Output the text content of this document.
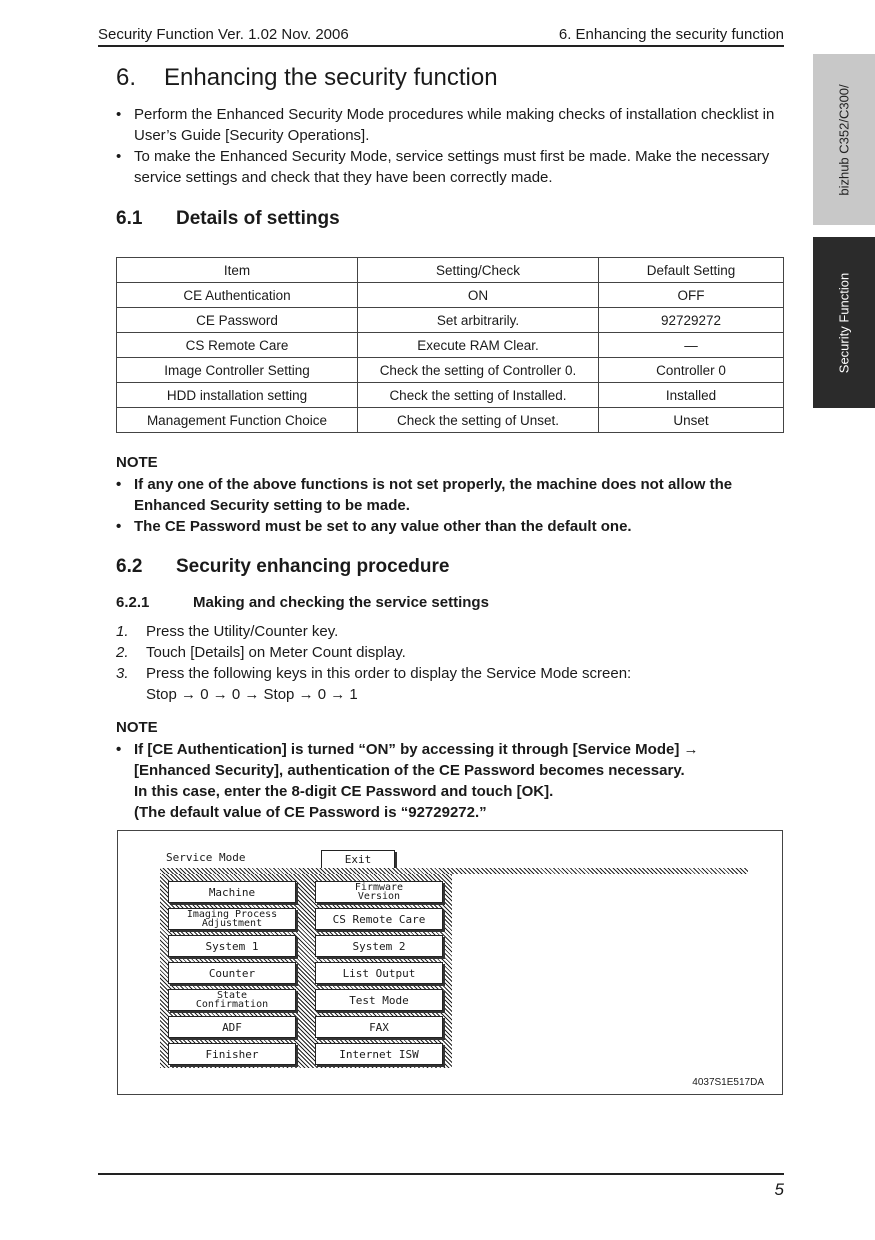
Security Function Ver. 1.02 Nov. 2006	6. Enhancing the security function
bizhub C352/C300/
Security Function
6. Enhancing the security function
• Perform the Enhanced Security Mode procedures while making checks of installation checklist in User’s Guide [Security Operations].
• To make the Enhanced Security Mode, service settings must first be made. Make the necessary service settings and check that they have been correctly made.
6.1 Details of settings
Item	Setting/Check	Default Setting
CE Authentication	ON	OFF
CE Password	Set arbitrarily.	92729272
CS Remote Care	Execute RAM Clear.	—
Image Controller Setting	Check the setting of Controller 0.	Controller 0
HDD installation setting	Check the setting of Installed.	Installed
Management Function Choice	Check the setting of Unset.	Unset
NOTE
• If any one of the above functions is not set properly, the machine does not allow the Enhanced Security setting to be made.
• The CE Password must be set to any value other than the default one.
6.2 Security enhancing procedure
6.2.1	Making and checking the service settings
1. Press the Utility/Counter key.
2. Touch [Details] on Meter Count display.
3. Press the following keys in this order to display the Service Mode screen:
Stop → 0 → 0 → Stop → 0 → 1
NOTE
• If [CE Authentication] is turned “ON” by accessing it through [Service Mode] →
[Enhanced Security], authentication of the CE Password becomes necessary.
In this case, enter the 8-digit CE Password and touch [OK].
(The default value of CE Password is “92729272.”
Service Mode	Exit
Machine	Firmware
Version
Imaging Process
Adjustment	CS Remote Care
System 1	System 2
Counter	List Output
State
Confirmation	Test Mode
ADF	FAX
Finisher	Internet ISW
4037S1E517DA
5
